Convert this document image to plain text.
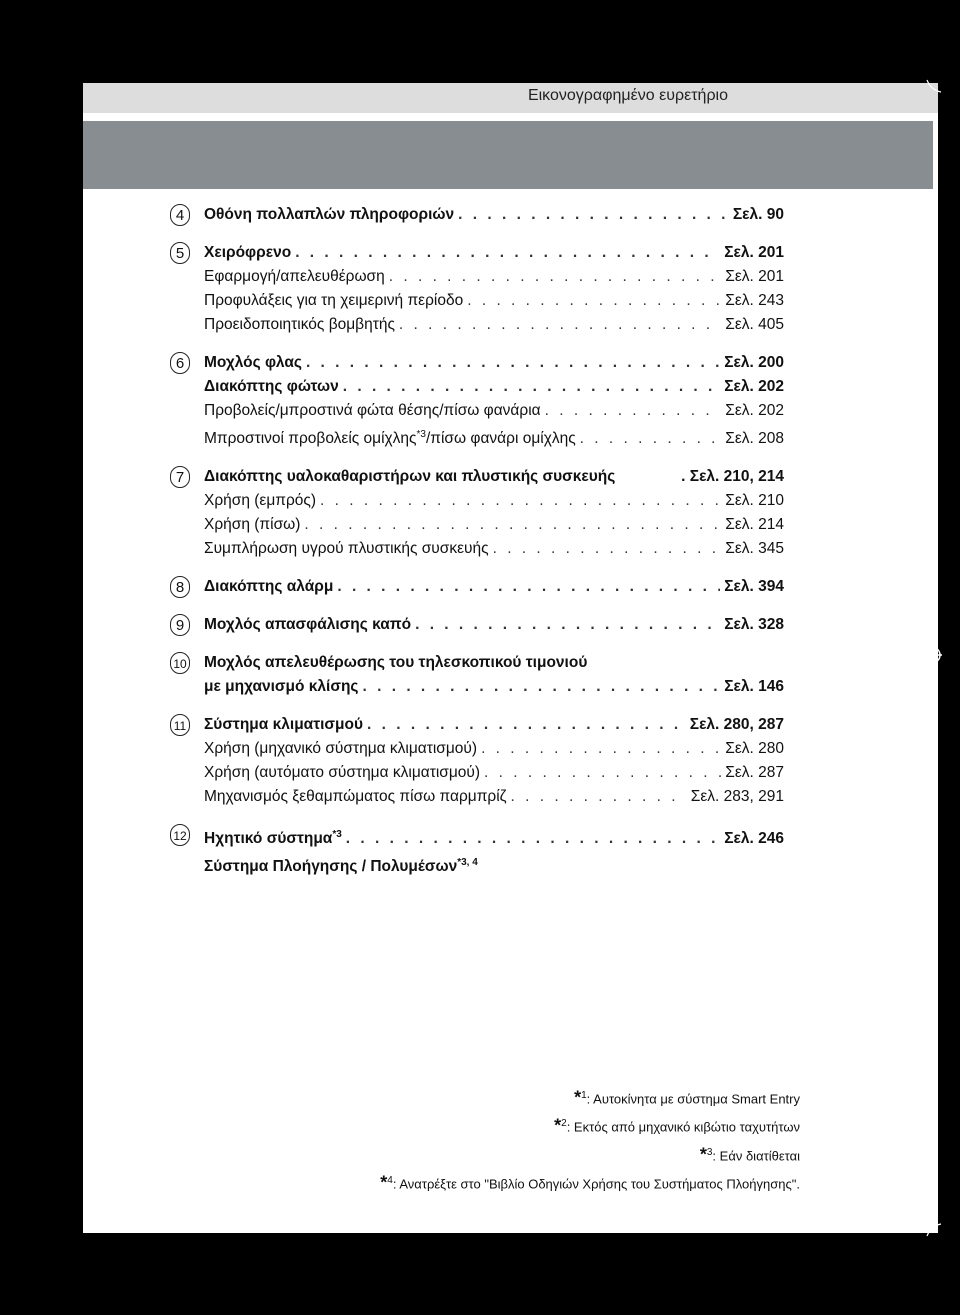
Εικονογραφημένο ευρετήριο
4	Οθόνη πολλαπλών πληροφοριών . . .	Σελ. 90
5	Χειρόφρενο . . .	Σελ. 201
Εφαρμογή/απελευθέρωση . . .	Σελ. 201
Προφυλάξεις για τη χειμερινή περίοδο . . .	Σελ. 243
Προειδοποιητικός βομβητής . . .	Σελ. 405
6	Μοχλός φλας . . .	Σελ. 200
Διακόπτης φώτων . . .	Σελ. 202
Προβολείς/μπροστινά φώτα θέσης/πίσω φανάρια . . .	Σελ. 202
Μπροστινοί προβολείς ομίχλης$^{*3}$/πίσω φανάρι ομίχλης . . .	Σελ. 208
7	Διακόπτης υαλοκαθαριστήρων και πλυστικής συσκευής	. Σελ. 210, 214
Χρήση (εμπρός) . . .	Σελ. 210
Χρήση (πίσω) . . .	Σελ. 214
Συμπλήρωση υγρού πλυστικής συσκευής . . .	Σελ. 345
8	Διακόπτης αλάρμ . . .	Σελ. 394
9	Μοχλός απασφάλισης καπό . . .	Σελ. 328
10 Μοχλός απελευθέρωσης του τηλεσκοπικού τιμονιού
με μηχανισμό κλίσης . . .	Σελ. 146
11 Σύστημα κλιματισμού . . .	Σελ. 280, 287
Χρήση (μηχανικό σύστημα κλιματισμού) . . .	Σελ. 280
Χρήση (αυτόματο σύστημα κλιματισμού) . . .	Σελ. 287
Μηχανισμός ξεθαμπώματος πίσω παρμπρίζ . . .	Σελ. 283, 291
12 Ηχητικό σύστημα$^{*3}$ . . .	Σελ. 246
Σύστημα Πλοήγησης / Πολυμέσων$^{*3, 4}$
*$^1$: Αυτοκίνητα με σύστημα Smart Entry
*$^2$: Εκτός από μηχανικό κιβώτιο ταχυτήτων
*$^3$: Εάν διατίθεται
*$^4$: Ανατρέξτε στο "Βιβλίο Οδηγιών Χρήσης του Συστήματος Πλοήγησης".
